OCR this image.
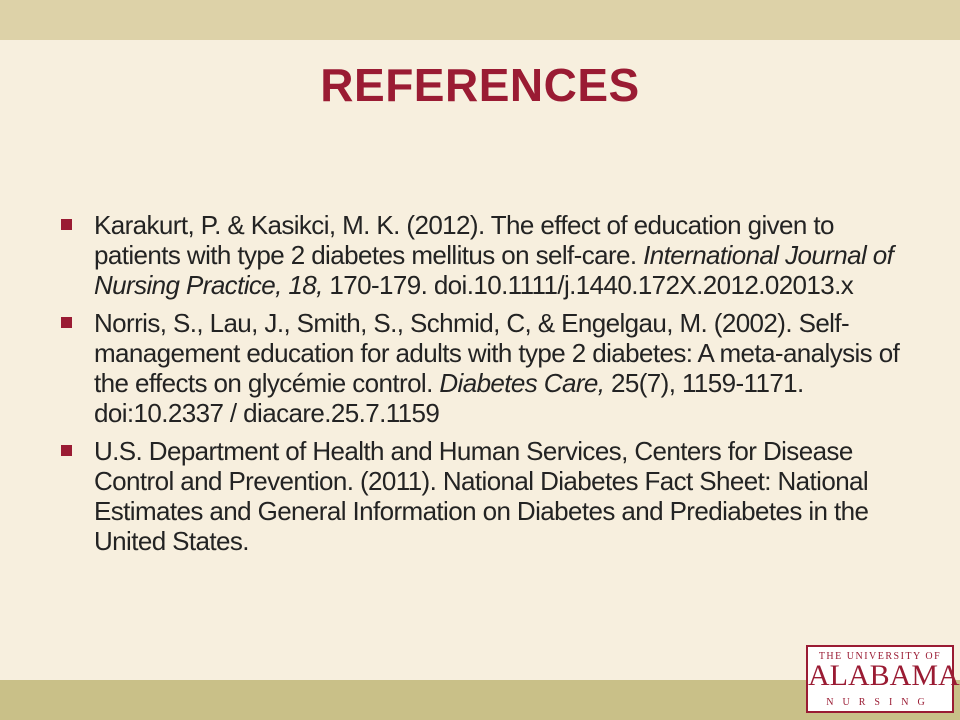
REFERENCES
Karakurt, P. & Kasikci, M. K. (2012). The effect of education given to patients with type 2 diabetes mellitus on self-care. International Journal of Nursing Practice, 18, 170-179. doi.10.1111/j.1440.172X.2012.02013.x
Norris, S., Lau, J., Smith, S., Schmid, C, & Engelgau, M. (2002). Self-management education for adults with type 2 diabetes: A meta-analysis of the effects on glycémie control. Diabetes Care, 25(7), 1159-1171. doi:10.2337 / diacare.25.7.1159
U.S. Department of Health and Human Services, Centers for Disease Control and Prevention. (2011). National Diabetes Fact Sheet: National Estimates and General Information on Diabetes and Prediabetes in the United States.
THE UNIVERSITY OF
ALABAMA
NURSING
